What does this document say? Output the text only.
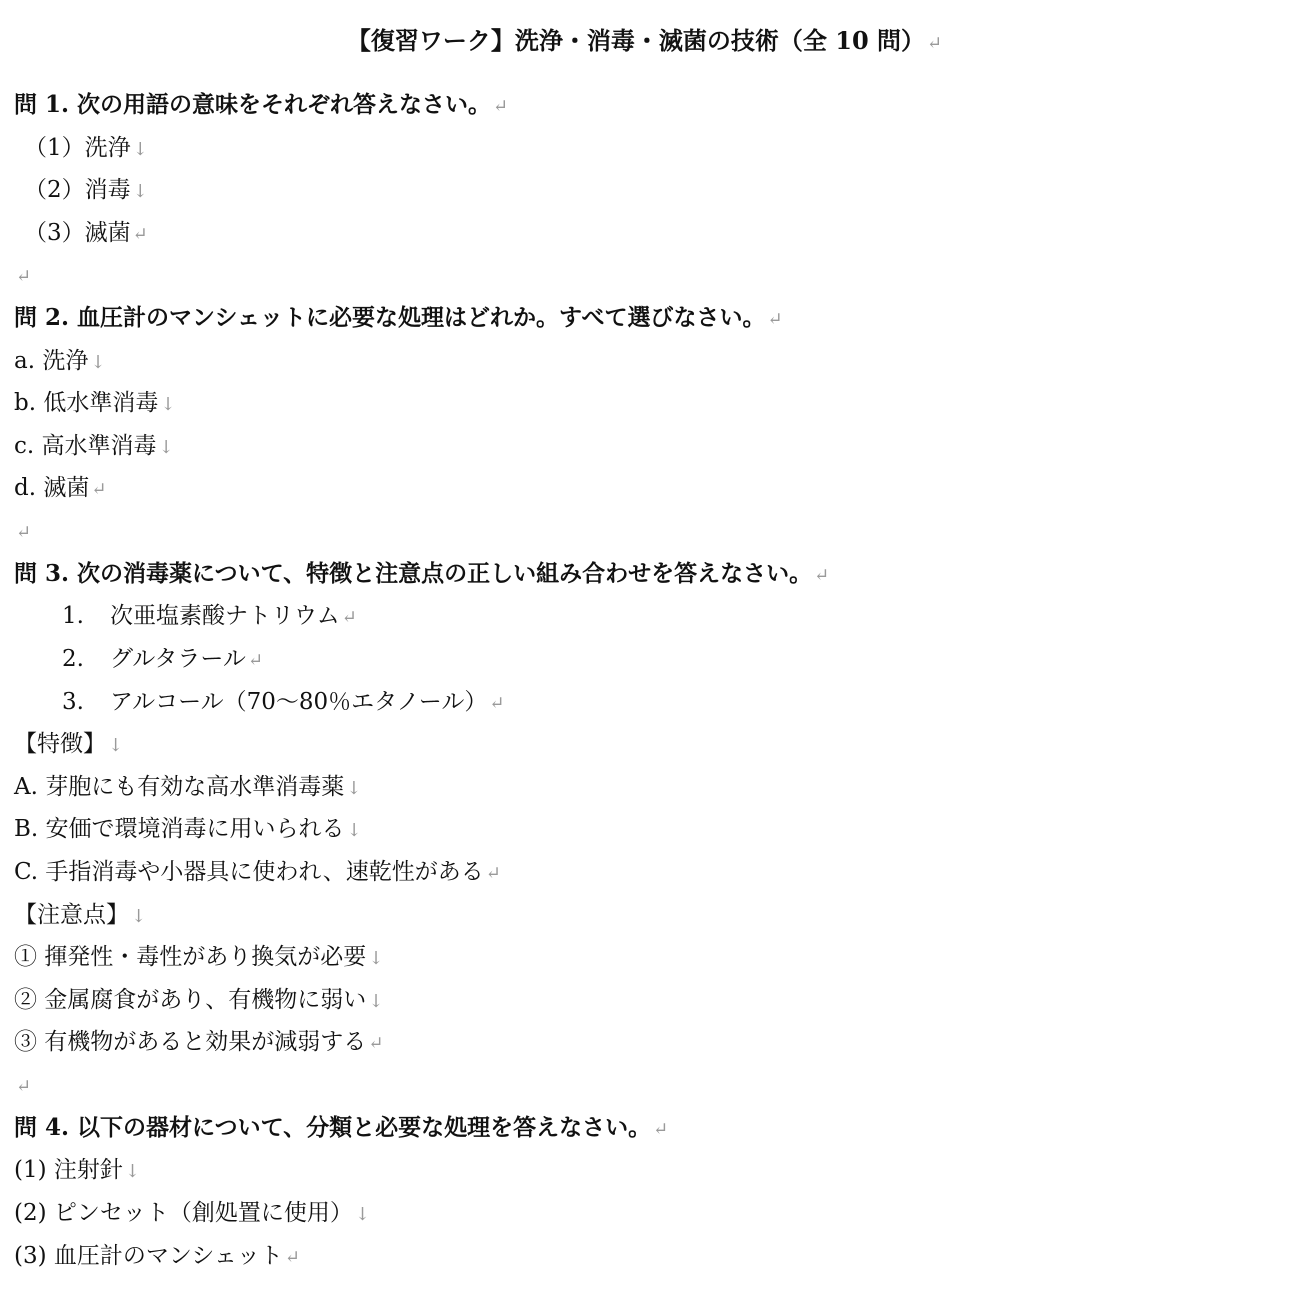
【復習ワーク】洗浄・消毒・滅菌の技術（全 10 問） ↵
問 1. 次の用語の意味をそれぞれ答えなさい。 ↵
（1）洗浄 ↓
（2）消毒 ↓
（3）滅菌 ↵
↵
問 2. 血圧計のマンシェットに必要な処理はどれか。すべて選びなさい。 ↵
a. 洗浄 ↓
b. 低水準消毒 ↓
c. 高水準消毒 ↓
d. 滅菌 ↵
↵
問 3. 次の消毒薬について、特徴と注意点の正しい組み合わせを答えなさい。 ↵
1. 次亜塩素酸ナトリウム ↵
2. グルタラール ↵
3. アルコール（70〜80％エタノール） ↵
【特徴】 ↓
A. 芽胞にも有効な高水準消毒薬 ↓
B. 安価で環境消毒に用いられる ↓
C. 手指消毒や小器具に使われ、速乾性がある ↵
【注意点】 ↓
① 揮発性・毒性があり換気が必要 ↓
② 金属腐食があり、有機物に弱い ↓
③ 有機物があると効果が減弱する ↵
↵
問 4. 以下の器材について、分類と必要な処理を答えなさい。 ↵
(1) 注射針 ↓
(2) ピンセット（創処置に使用） ↓
(3) 血圧計のマンシェット ↵
